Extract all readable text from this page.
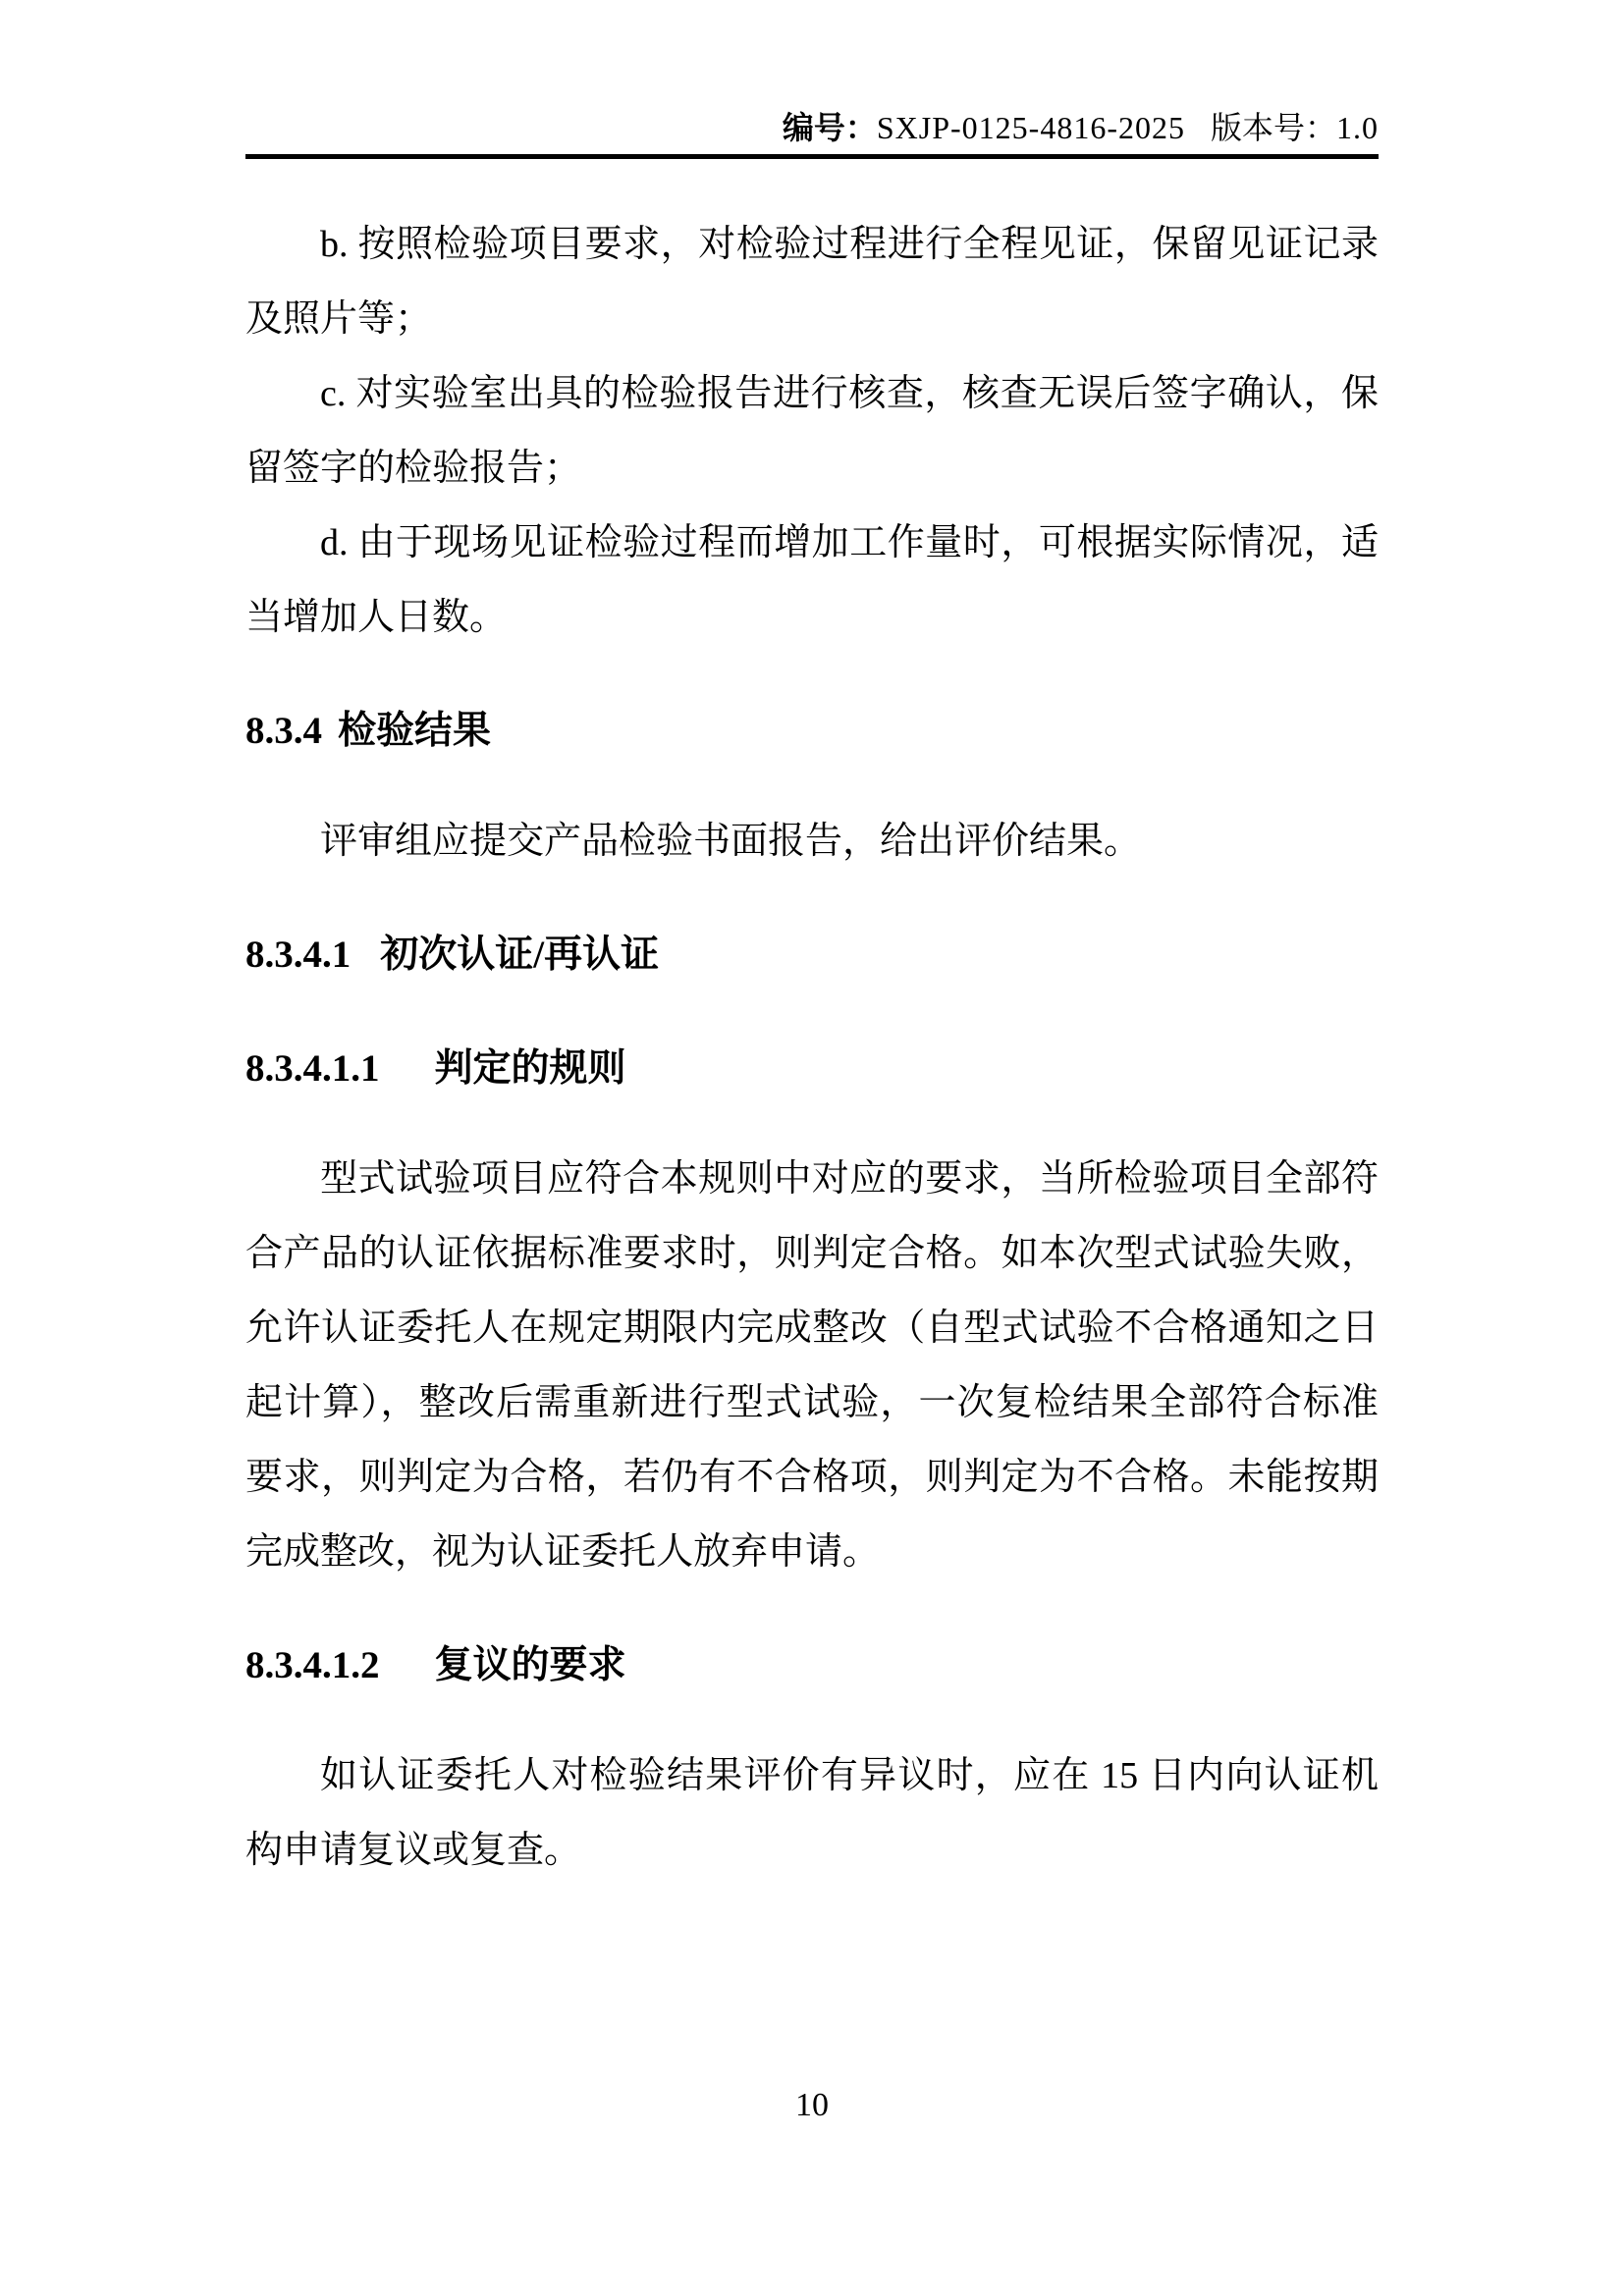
编号：SXJP-0125-4816-2025 版本号：1.0

b. 按照检验项目要求，对检验过程进行全程见证，保留见证记录
及照片等；

c. 对实验室出具的检验报告进行核查，核查无误后签字确认，保
留签字的检验报告；

d. 由于现场见证检验过程而增加工作量时，可根据实际情况，适
当增加人日数。

8.3.4 检验结果

评审组应提交产品检验书面报告，给出评价结果。

8.3.4.1 初次认证/再认证
8.3.4.1.1 判定的规则

型式试验项目应符合本规则中对应的要求，当所检验项目全部符
合产品的认证依据标准要求时，则判定合格。如本次型式试验失败，
允许认证委托人在规定期限内完成整改（自型式试验不合格通知之日
起计算），整改后需重新进行型式试验，一次复检结果全部符合标准
要求，则判定为合格，若仍有不合格项，则判定为不合格。未能按期
完成整改，视为认证委托人放弃申请。

8.3.4.1.2 复议的要求

如认证委托人对检验结果评价有异议时，应在 15 日内向认证机
构申请复议或复查。

10
